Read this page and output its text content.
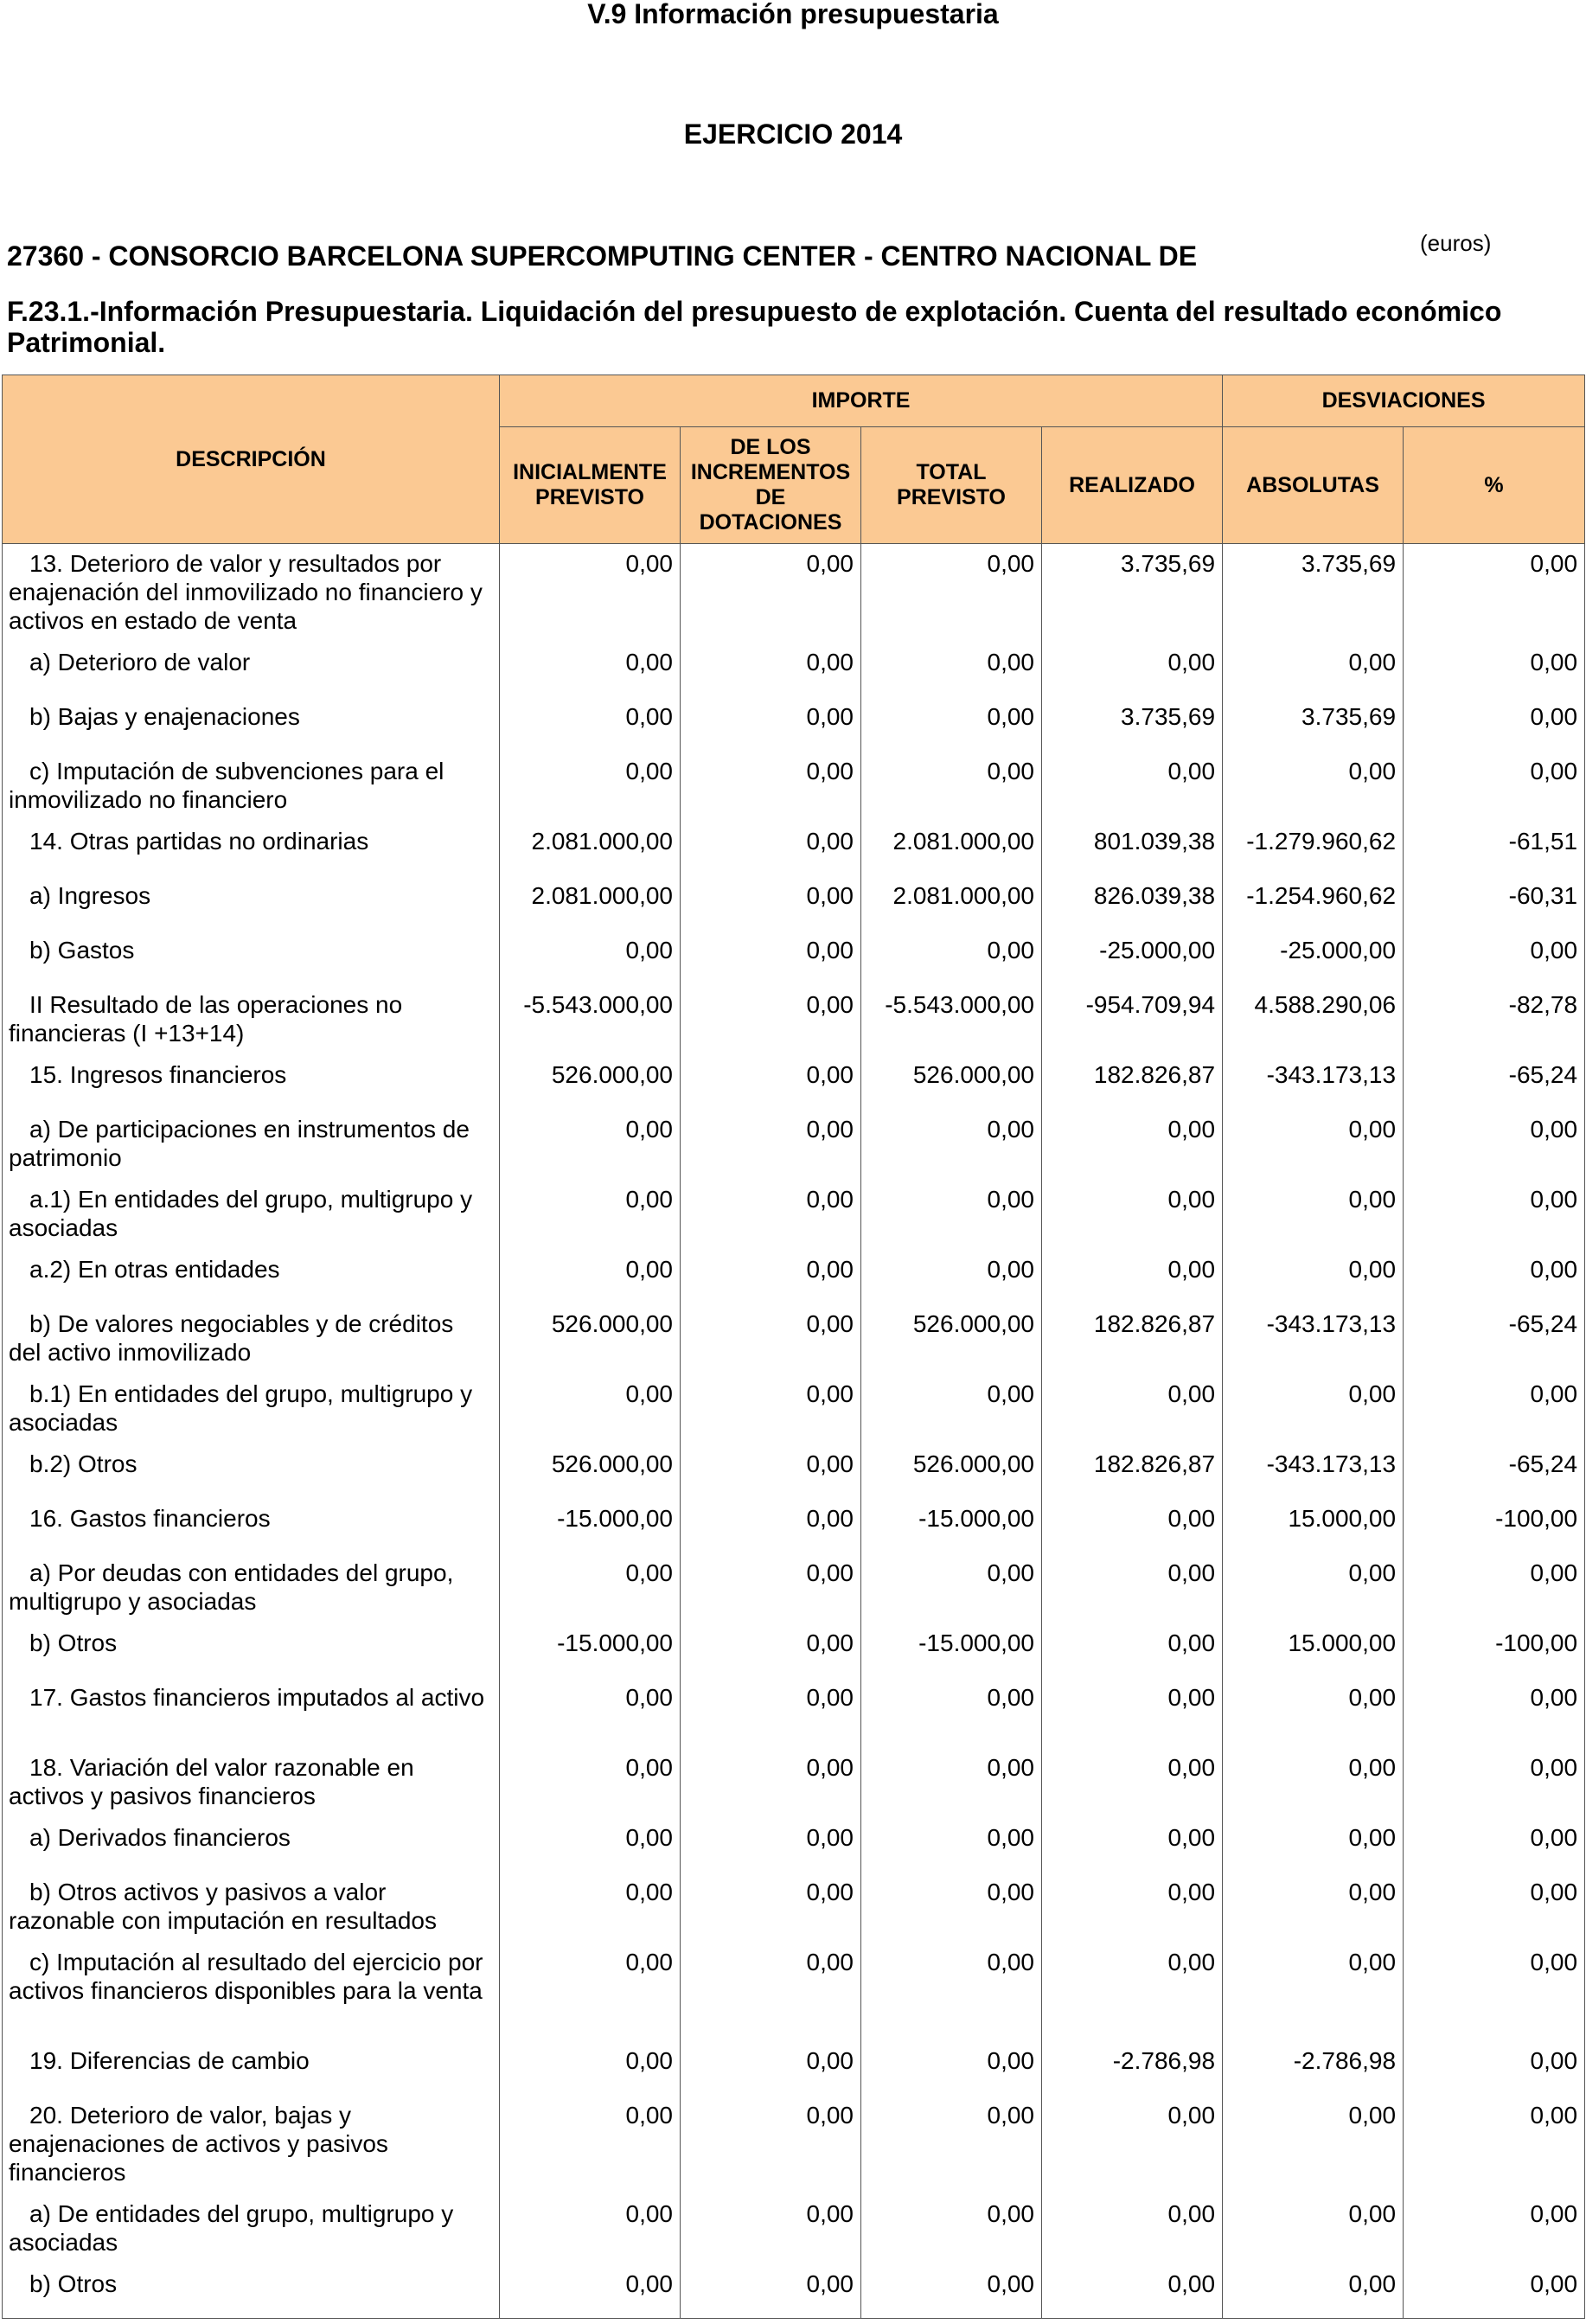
V.9 Información presupuestaria
EJERCICIO 2014
27360 - CONSORCIO BARCELONA SUPERCOMPUTING CENTER - CENTRO NACIONAL DE	(euros)
F.23.1.-Información Presupuestaria. Liquidación del presupuesto de explotación. Cuenta del resultado económico Patrimonial.
DESCRIPCIÓN	IMPORTE				DESVIACIONES	
	INICIALMENTE PREVISTO	DE LOS INCREMENTOS DE DOTACIONES	TOTAL PREVISTO	REALIZADO	ABSOLUTAS	%
13. Deterioro de valor y resultados por enajenación del inmovilizado no financiero y activos en estado de venta	0,00	0,00	0,00	3.735,69	3.735,69	0,00
a) Deterioro de valor	0,00	0,00	0,00	0,00	0,00	0,00
b) Bajas y enajenaciones	0,00	0,00	0,00	3.735,69	3.735,69	0,00
c) Imputación de subvenciones para el inmovilizado no financiero	0,00	0,00	0,00	0,00	0,00	0,00
14. Otras partidas no ordinarias	2.081.000,00	0,00	2.081.000,00	801.039,38	-1.279.960,62	-61,51
a) Ingresos	2.081.000,00	0,00	2.081.000,00	826.039,38	-1.254.960,62	-60,31
b) Gastos	0,00	0,00	0,00	-25.000,00	-25.000,00	0,00
II Resultado de las operaciones no financieras (I +13+14)	-5.543.000,00	0,00	-5.543.000,00	-954.709,94	4.588.290,06	-82,78
15. Ingresos financieros	526.000,00	0,00	526.000,00	182.826,87	-343.173,13	-65,24
a) De participaciones en instrumentos de patrimonio	0,00	0,00	0,00	0,00	0,00	0,00
a.1) En entidades del grupo, multigrupo y asociadas	0,00	0,00	0,00	0,00	0,00	0,00
a.2) En otras entidades	0,00	0,00	0,00	0,00	0,00	0,00
b) De valores negociables y de créditos del activo inmovilizado	526.000,00	0,00	526.000,00	182.826,87	-343.173,13	-65,24
b.1) En entidades del grupo, multigrupo y asociadas	0,00	0,00	0,00	0,00	0,00	0,00
b.2) Otros	526.000,00	0,00	526.000,00	182.826,87	-343.173,13	-65,24
16. Gastos financieros	-15.000,00	0,00	-15.000,00	0,00	15.000,00	-100,00
a) Por deudas con entidades del grupo, multigrupo y asociadas	0,00	0,00	0,00	0,00	0,00	0,00
b) Otros	-15.000,00	0,00	-15.000,00	0,00	15.000,00	-100,00
17. Gastos financieros imputados al activo	0,00	0,00	0,00	0,00	0,00	0,00
18. Variación del valor razonable en activos y pasivos financieros	0,00	0,00	0,00	0,00	0,00	0,00
a) Derivados financieros	0,00	0,00	0,00	0,00	0,00	0,00
b) Otros activos y pasivos a valor razonable con imputación en resultados	0,00	0,00	0,00	0,00	0,00	0,00
c) Imputación al resultado del ejercicio por activos financieros disponibles para la venta	0,00	0,00	0,00	0,00	0,00	0,00
19. Diferencias de cambio	0,00	0,00	0,00	-2.786,98	-2.786,98	0,00
20. Deterioro de valor, bajas y enajenaciones de activos y pasivos financieros	0,00	0,00	0,00	0,00	0,00	0,00
a) De entidades del grupo, multigrupo y asociadas	0,00	0,00	0,00	0,00	0,00	0,00
b) Otros	0,00	0,00	0,00	0,00	0,00	0,00
